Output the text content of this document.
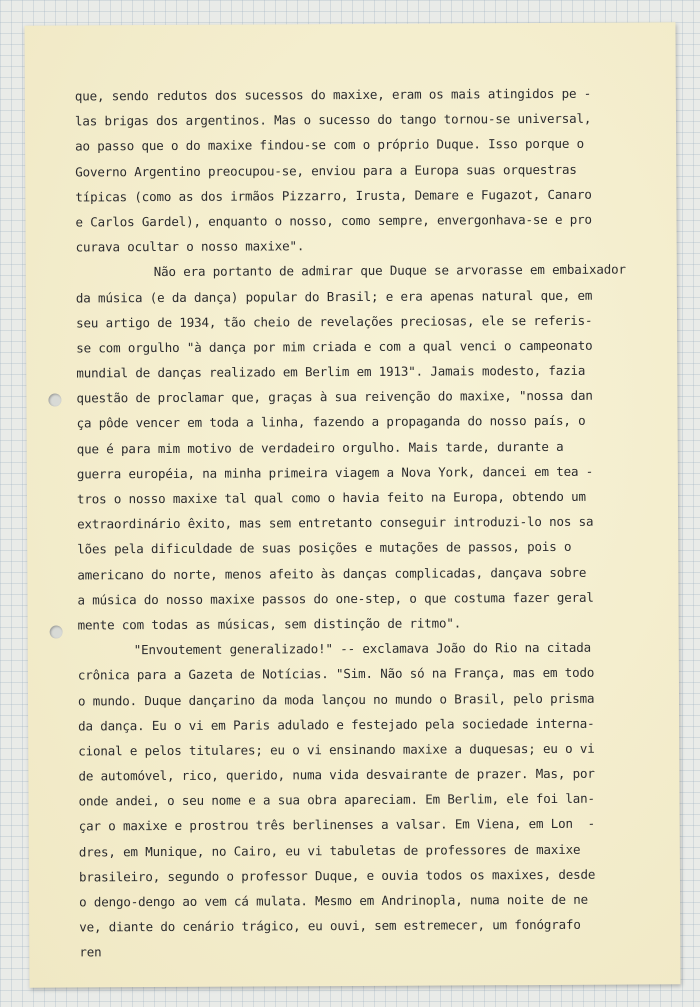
que, sendo redutos dos sucessos do maxixe, eram os mais atingidos pe -
las brigas dos argentinos. Mas o sucesso do tango tornou-se universal,
ao passo que o do maxixe findou-se com o próprio Duque. Isso porque o
Governo Argentino preocupou-se, enviou para a Europa suas orquestras
típicas (como as dos irmãos Pizzarro, Irusta, Demare e Fugazot, Canaro
e Carlos Gardel), enquanto o nosso, como sempre, envergonhava-se e pro
curava ocultar o nosso maxixe".
Não era portanto de admirar que Duque se arvorasse em embaixador
da música (e da dança) popular do Brasil; e era apenas natural que, em
seu artigo de 1934, tão cheio de revelações preciosas, ele se referis-
se com orgulho "à dança por mim criada e com a qual venci o campeonato
mundial de danças realizado em Berlim em 1913". Jamais modesto, fazia
questão de proclamar que, graças à sua reivenção do maxixe, "nossa dan
ça pôde vencer em toda a linha, fazendo a propaganda do nosso país, o
que é para mim motivo de verdadeiro orgulho. Mais tarde, durante a
guerra européia, na minha primeira viagem a Nova York, dancei em tea -
tros o nosso maxixe tal qual como o havia feito na Europa, obtendo um
extraordinário êxito, mas sem entretanto conseguir introduzi-lo nos sa
lões pela dificuldade de suas posições e mutações de passos, pois o
americano do norte, menos afeito às danças complicadas, dançava sobre
a música do nosso maxixe passos do one-step, o que costuma fazer geral
mente com todas as músicas, sem distinção de ritmo".
"Envoutement generalizado!" -- exclamava João do Rio na citada
crônica para a Gazeta de Notícias. "Sim. Não só na França, mas em todo
o mundo. Duque dançarino da moda lançou no mundo o Brasil, pelo prisma
da dança. Eu o vi em Paris adulado e festejado pela sociedade interna-
cional e pelos titulares; eu o vi ensinando maxixe a duquesas; eu o vi
de automóvel, rico, querido, numa vida desvairante de prazer. Mas, por
onde andei, o seu nome e a sua obra apareciam. Em Berlim, ele foi lan-
çar o maxixe e prostrou três berlinenses a valsar. Em Viena, em Lon  -
dres, em Munique, no Cairo, eu vi tabuletas de professores de maxixe
brasileiro, segundo o professor Duque, e ouvia todos os maxixes, desde
o dengo-dengo ao vem cá mulata. Mesmo em Andrinopla, numa noite de ne
ve, diante do cenário trágico, eu ouvi, sem estremecer, um fonógrafo
ren
